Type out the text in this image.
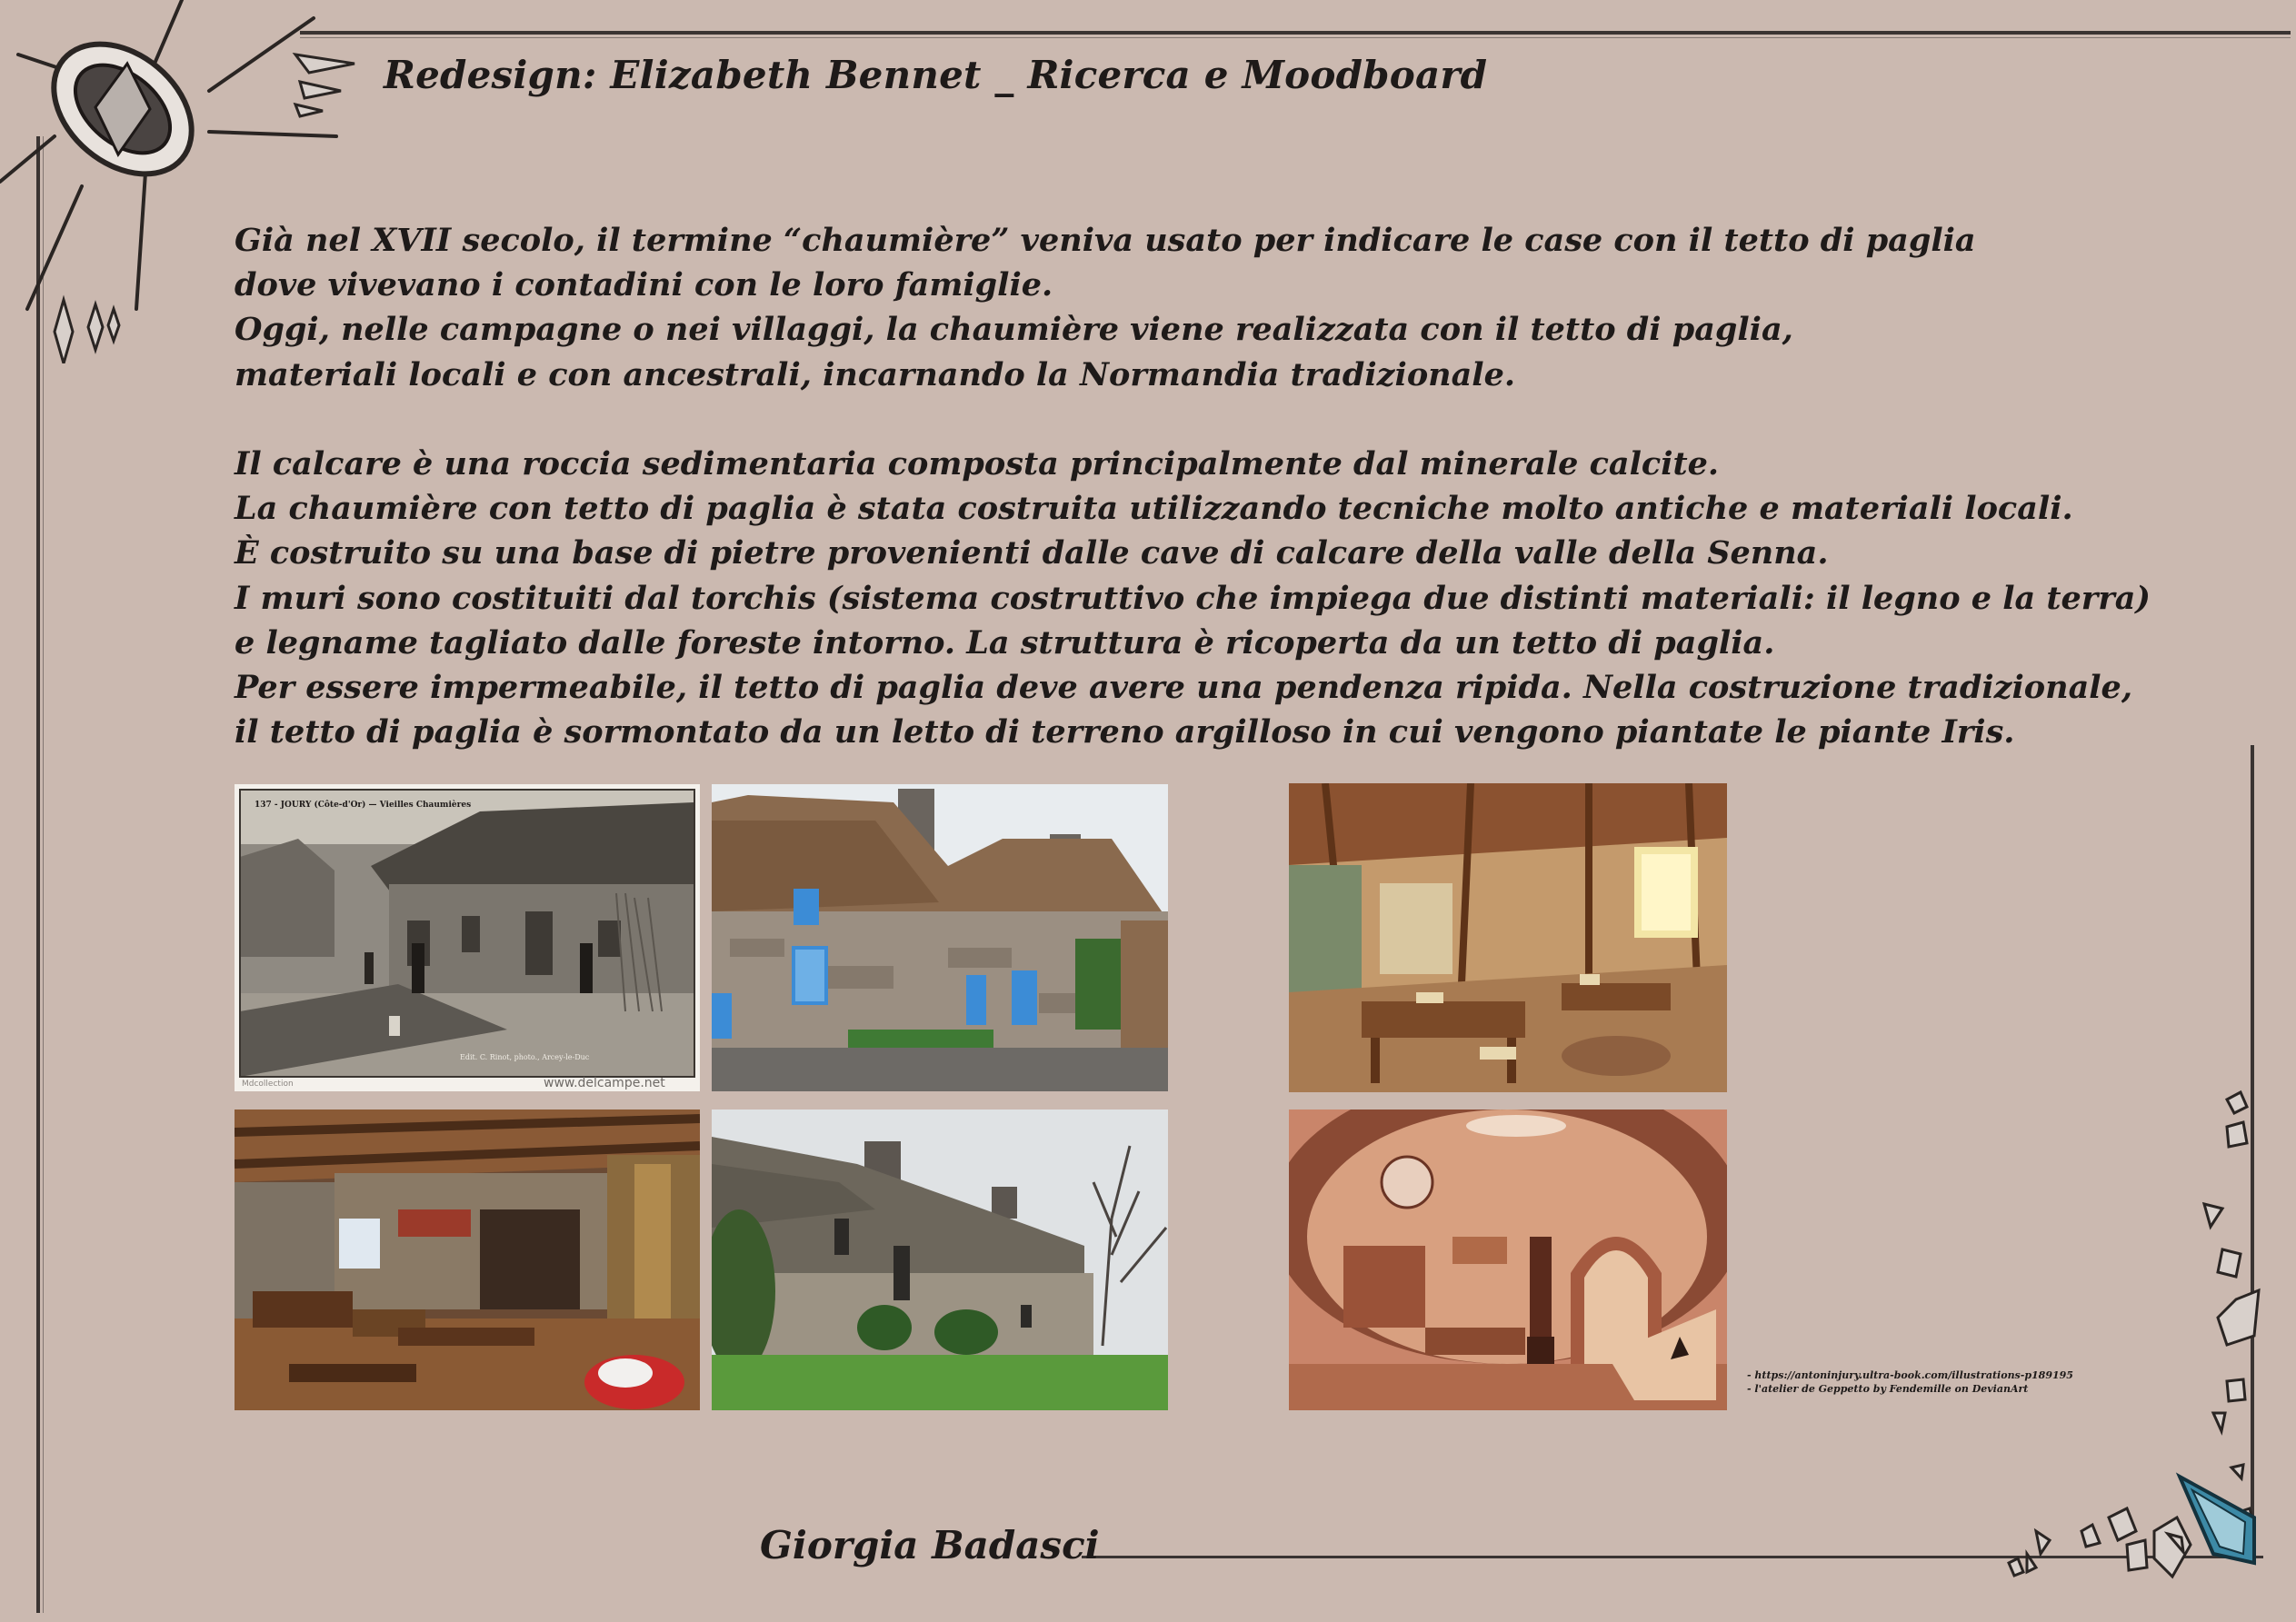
Redesign: Elizabeth Bennet _ Ricerca e Moodboard

Già nel XVII secolo, il termine “chaumière” veniva usato per indicare le case con il tetto di paglia

dove vivevano i contadini con le loro famiglie.

Oggi, nelle campagne o nei villaggi, la chaumière viene realizzata con il tetto di paglia,

materiali locali e con ancestrali, incarnando la Normandia tradizionale.

Il calcare è una roccia sedimentaria composta principalmente dal minerale calcite.

La chaumière con tetto di paglia è stata costruita utilizzando tecniche molto antiche e materiali locali.

È costruito su una base di pietre provenienti dalle cave di calcare della valle della Senna.

I muri sono costituiti dal torchis (sistema costruttivo che impiega due distinti materiali: il legno e la terra)

e legname tagliato dalle foreste intorno. La struttura è ricoperta da un tetto di paglia.

Per essere impermeabile, il tetto di paglia deve avere una pendenza ripida. Nella costruzione tradizionale,

il tetto di paglia è sormontato da un letto di terreno argilloso in cui vengono piantate le piante Iris.

137 - JOURY (Côte-d'Or) — Vieilles Chaumières
Edit. C. Rinot, photo., Arcey-le-Duc
Mdcollection	www.delcampe.net
- https://antoninjury.ultra-book.com/illustrations-p189195
- l'atelier de Geppetto by Fendemille on DevianArt
Giorgia Badasci
